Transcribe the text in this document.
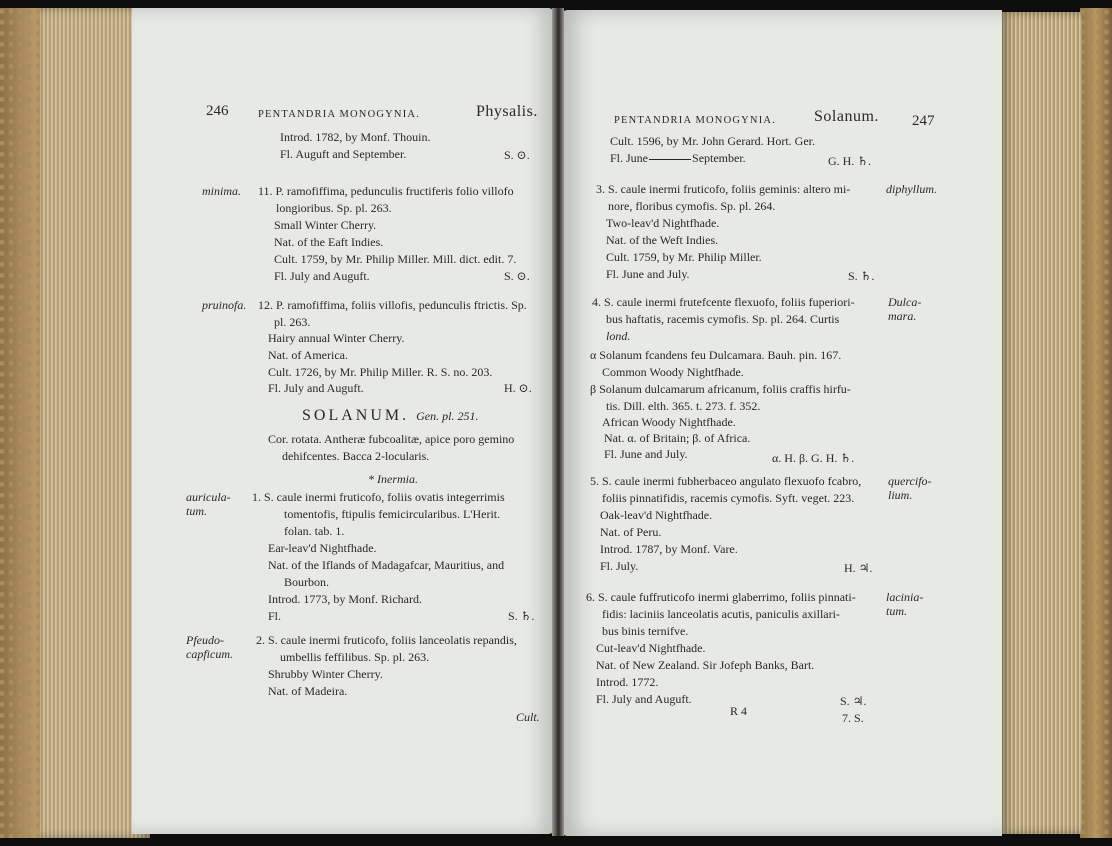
246	PENTANDRIA MONOGYNIA.	Physalis.
Introd. 1782, by Monf. Thouin.
Fl. Auguft and September.	S. ⊙.
minima. 11. P. ramofiffima, pedunculis fructiferis folio villofo
longioribus. Sp. pl. 263.
Small Winter Cherry.
Nat. of the Eaft Indies.
Cult. 1759, by Mr. Philip Miller. Mill. dict. edit. 7.
Fl. July and Auguft.	S. ⊙.
pruinofa. 12. P. ramofiffima, foliis villofis, pedunculis ftrictis. Sp.
pl. 263.
Hairy annual Winter Cherry.
Nat. of America.
Cult. 1726, by Mr. Philip Miller. R. S. no. 203.
Fl. July and Auguft.	H. ⊙.
SOLANUM. Gen. pl. 251.
Cor. rotata. Antheræ fubcoalitæ, apice poro gemino
dehifcentes. Bacca 2-locularis.
* Inermia.
auricula-
tum.
1. S. caule inermi fruticofo, foliis ovatis integerrimis
tomentofis, ftipulis femicircularibus. L'Herit.
folan. tab. 1.
Ear-leav'd Nightfhade.
Nat. of the Iflands of Madagafcar, Mauritius, and
Bourbon.
Introd. 1773, by Monf. Richard.
Fl.	S. ♄.
Pfeudo-
capficum.
2. S. caule inermi fruticofo, foliis lanceolatis repandis,
umbellis feffilibus. Sp. pl. 263.
Shrubby Winter Cherry.
Nat. of Madeira.
Cult.
PENTANDRIA MONOGYNIA. Solanum. 247
Cult. 1596, by Mr. John Gerard. Hort. Ger.
Fl. June	September.	G. H. ♄.
3. S. caule inermi fruticofo, foliis geminis: altero mi-	diphyllum.
nore, floribus cymofis. Sp. pl. 264.
Two-leav'd Nightfhade.
Nat. of the Weft Indies.
Cult. 1759, by Mr. Philip Miller.
Fl. June and July.	S. ♄.
4. S. caule inermi frutefcente flexuofo, foliis fuperiori-	Dulca-
mara.
bus haftatis, racemis cymofis. Sp. pl. 264. Curtis
lond.
α Solanum fcandens feu Dulcamara. Bauh. pin. 167.
Common Woody Nightfhade.
β Solanum dulcamarum africanum, foliis craffis hirfu-
tis. Dill. elth. 365. t. 273. f. 352.
African Woody Nightfhade.
Nat. α. of Britain; β. of Africa.
Fl. June and July.	α. H. β. G. H. ♄.
5. S. caule inermi fubherbaceo angulato flexuofo fcabro, quercifo-
lium.
foliis pinnatifidis, racemis cymofis. Syft. veget. 223.
Oak-leav'd Nightfhade.
Nat. of Peru.
Introd. 1787, by Monf. Vare.
Fl. July.	H. ♃.
6. S. caule fuffruticofo inermi glaberrimo, foliis pinnati-	lacinia-
tum.
fidis: laciniis lanceolatis acutis, paniculis axillari-
bus binis ternifve.
Cut-leav'd Nightfhade.
Nat. of New Zealand. Sir Jofeph Banks, Bart.
Introd. 1772.
Fl. July and Auguft.	S. ♃.
R 4	7. S.
